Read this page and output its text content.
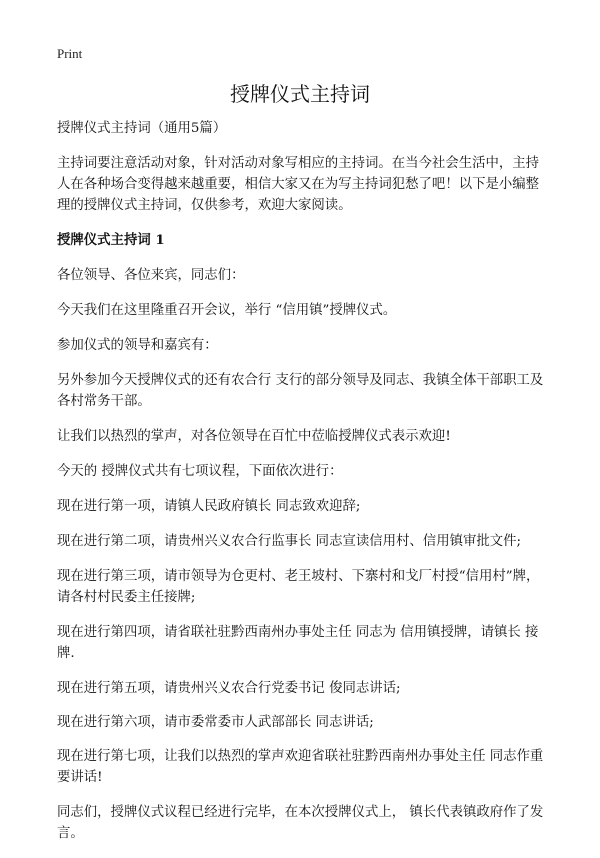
Print
授牌仪式主持词

授牌仪式主持词（通用5篇）

主持词要注意活动对象，针对活动对象写相应的主持词。在当今社会生活中，主持人在各种场合变得越来越重要，相信大家又在为写主持词犯愁了吧！以下是小编整理的授牌仪式主持词，仅供参考，欢迎大家阅读。

授牌仪式主持词 1

各位领导、各位来宾，同志们：

今天我们在这里隆重召开会议，举行 “信用镇”授牌仪式。

参加仪式的领导和嘉宾有：

另外参加今天授牌仪式的还有农合行 支行的部分领导及同志、我镇全体干部职工及各村常务干部。

让我们以热烈的掌声，对各位领导在百忙中莅临授牌仪式表示欢迎!

今天的 授牌仪式共有七项议程，下面依次进行：

现在进行第一项，请镇人民政府镇长 同志致欢迎辞;

现在进行第二项，请贵州兴义农合行监事长 同志宣读信用村、信用镇审批文件;

现在进行第三项，请市领导为仓更村、老王坡村、下寨村和戈厂村授“信用村”牌，请各村村民委主任接牌;

现在进行第四项，请省联社驻黔西南州办事处主任 同志为 信用镇授牌，请镇长 接牌.

现在进行第五项，请贵州兴义农合行党委书记 俊同志讲话;

现在进行第六项，请市委常委市人武部部长 同志讲话;

现在进行第七项，让我们以热烈的掌声欢迎省联社驻黔西南州办事处主任 同志作重要讲话!

同志们，授牌仪式议程已经进行完毕，在本次授牌仪式上， 镇长代表镇政府作了发言。
